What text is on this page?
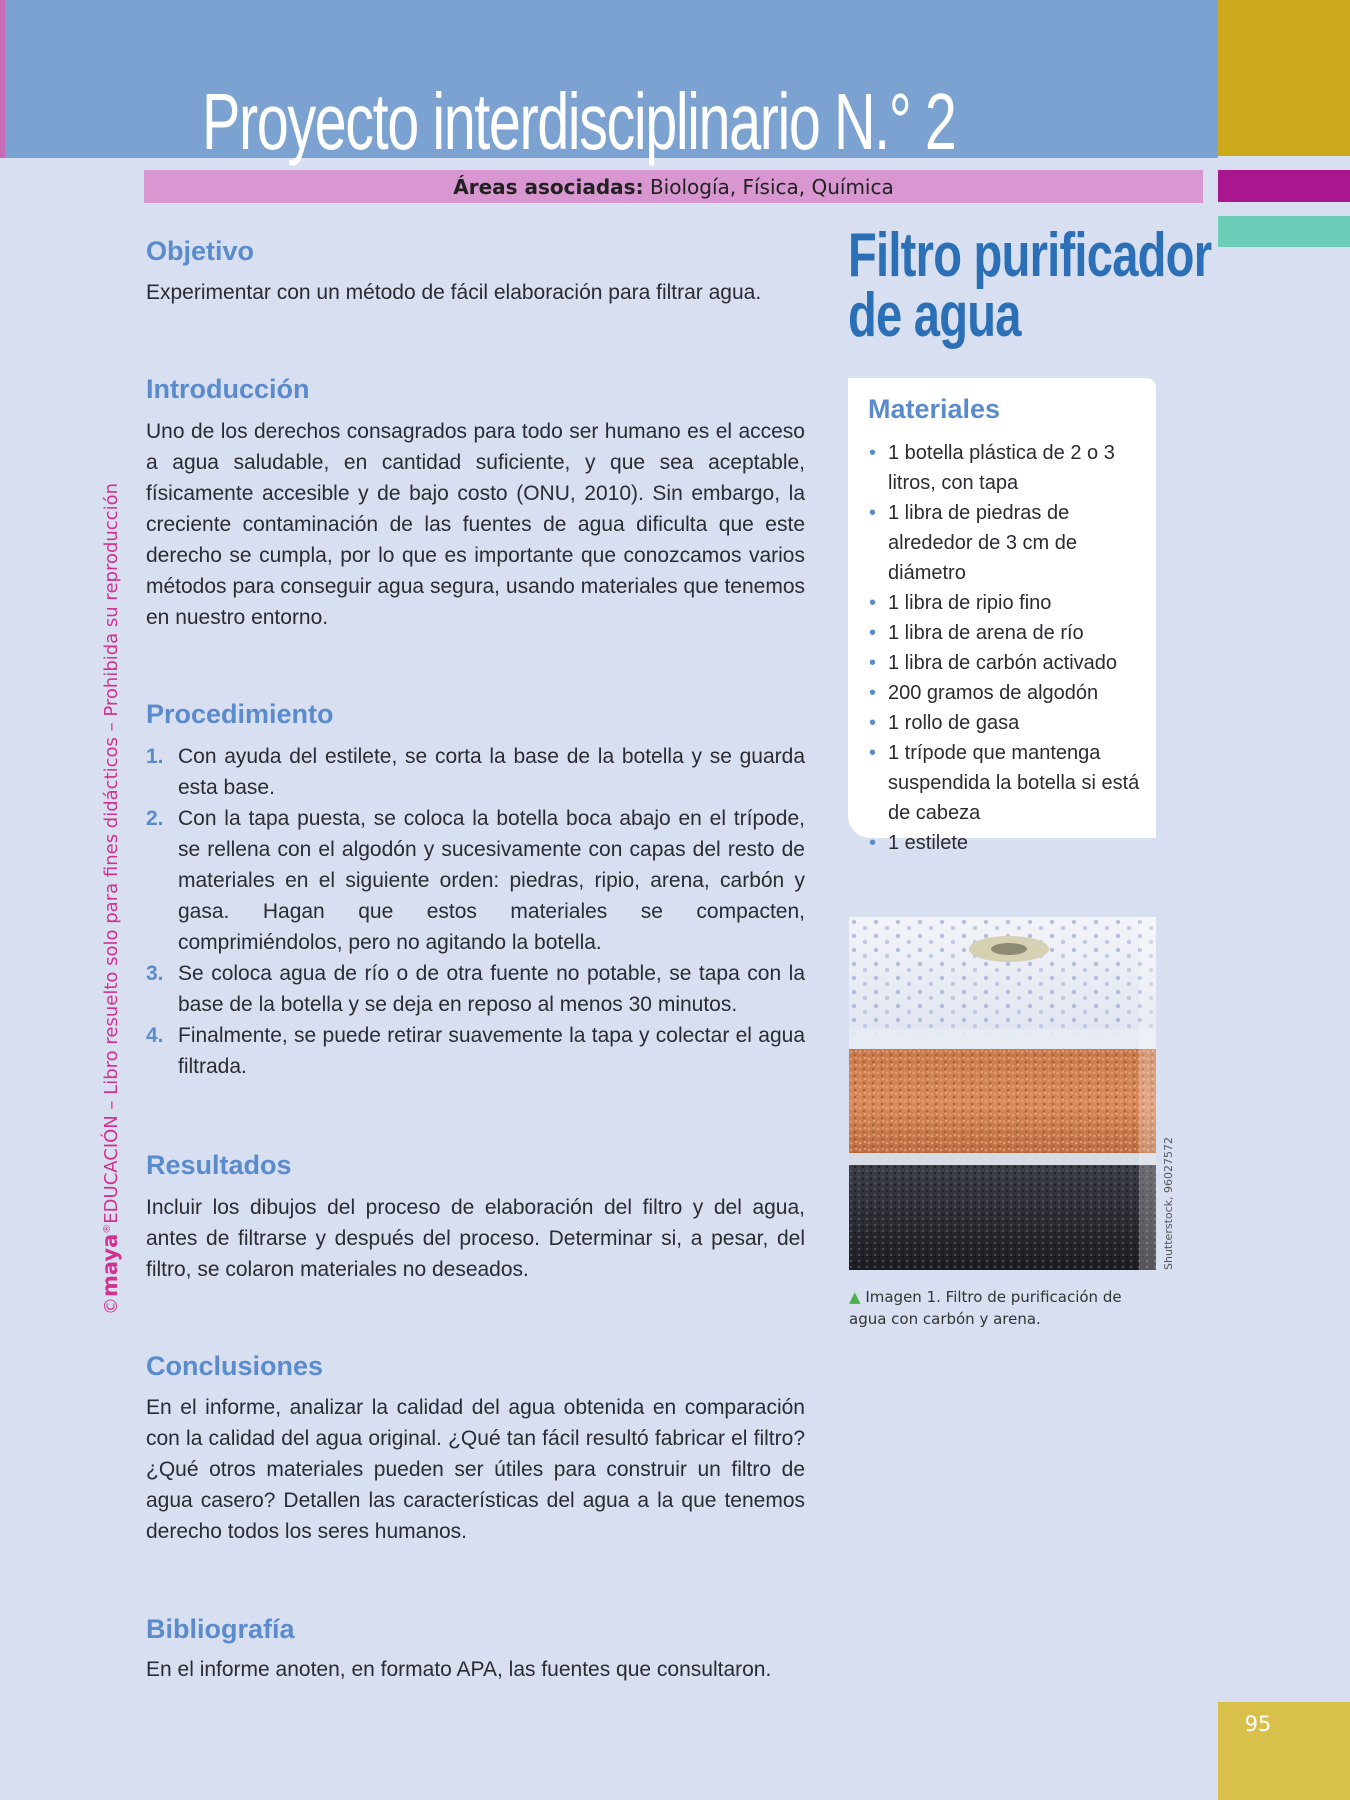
Proyecto interdisciplinario N.° 2
Áreas asociadas: Biología, Física, Química
©maya®EDUCACIÓN – Libro resuelto solo para fines didácticos – Prohibida su reproducción
Objetivo

Experimentar con un método de fácil elaboración para filtrar agua.

Introducción

Uno de los derechos consagrados para todo ser humano es el acceso a agua saludable, en cantidad suficiente, y que sea aceptable, físicamente accesible y de bajo costo (ONU, 2010). Sin embargo, la creciente contaminación de las fuentes de agua dificulta que este derecho se cumpla, por lo que es importante que conozcamos varios métodos para conseguir agua segura, usando materiales que tenemos en nuestro entorno.

Procedimiento
1. Con ayuda del estilete, se corta la base de la botella y se guarda esta base.
2. Con la tapa puesta, se coloca la botella boca abajo en el trípode, se rellena con el algodón y sucesivamente con capas del resto de materiales en el siguiente orden: piedras, ripio, arena, carbón y gasa. Hagan que estos materiales se compacten, comprimiéndolos, pero no agitando la botella.
3. Se coloca agua de río o de otra fuente no potable, se tapa con la base de la botella y se deja en reposo al menos 30 minutos.
4. Finalmente, se puede retirar suavemente la tapa y colectar el agua filtrada.
Resultados

Incluir los dibujos del proceso de elaboración del filtro y del agua, antes de filtrarse y después del proceso. Determinar si, a pesar, del filtro, se colaron materiales no deseados.

Conclusiones

En el informe, analizar la calidad del agua obtenida en comparación con la calidad del agua original. ¿Qué tan fácil resultó fabricar el filtro? ¿Qué otros materiales pueden ser útiles para construir un filtro de agua casero? Detallen las características del agua a la que tenemos derecho todos los seres humanos.

Bibliografía

En el informe anoten, en formato APA, las fuentes que consultaron.

Filtro purificador
de agua
Materiales
• 1 botella plástica de 2 o 3 litros, con tapa
• 1 libra de piedras de alrededor de 3 cm de diámetro
• 1 libra de ripio fino
• 1 libra de arena de río
• 1 libra de carbón activado
• 200 gramos de algodón
• 1 rollo de gasa
• 1 trípode que mantenga suspendida la botella si está de cabeza
• 1 estilete
Shutterstock, 96027572
▲ Imagen 1. Filtro de purificación de agua con carbón y arena.
95
